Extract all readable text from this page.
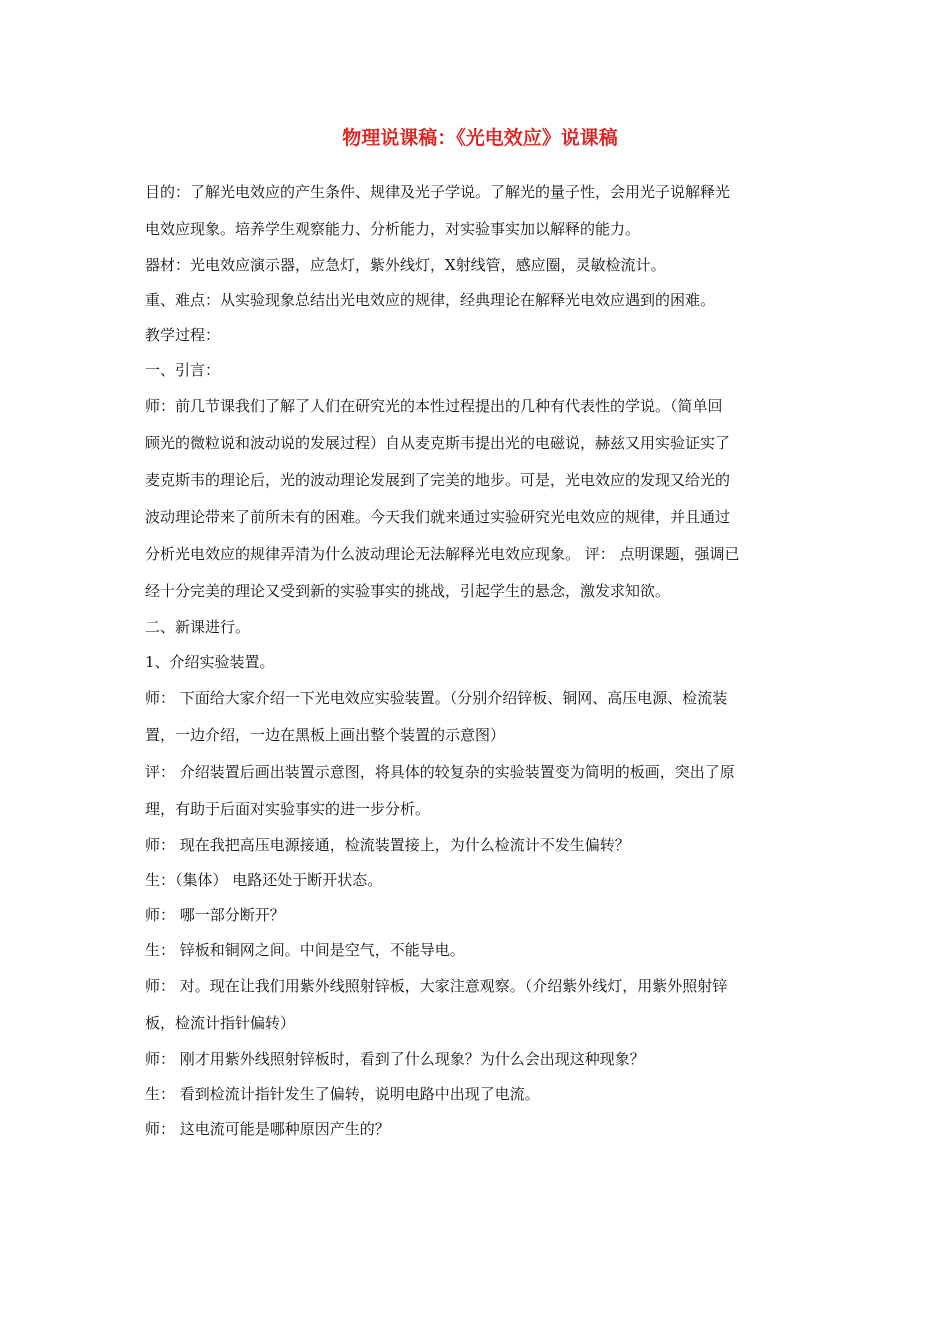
物理说课稿：《光电效应》说课稿
目的：了解光电效应的产生条件、规律及光子学说。了解光的量子性，会用光子说解释光
电效应现象。培养学生观察能力、分析能力，对实验事实加以解释的能力。
器材：光电效应演示器，应急灯，紫外线灯，X射线管，感应圈，灵敏检流计。
重、难点：从实验现象总结出光电效应的规律，经典理论在解释光电效应遇到的困难。
教学过程：
一、引言：
师：前几节课我们了解了人们在研究光的本性过程提出的几种有代表性的学说。（简单回
顾光的微粒说和波动说的发展过程）自从麦克斯韦提出光的电磁说，赫兹又用实验证实了
麦克斯韦的理论后，光的波动理论发展到了完美的地步。可是，光电效应的发现又给光的
波动理论带来了前所未有的困难。今天我们就来通过实验研究光电效应的规律，并且通过
分析光电效应的规律弄清为什么波动理论无法解释光电效应现象。 评： 点明课题，强调已
经十分完美的理论又受到新的实验事实的挑战，引起学生的悬念，激发求知欲。
二、新课进行。
1、介绍实验装置。
师： 下面给大家介绍一下光电效应实验装置。（分别介绍锌板、铜网、高压电源、检流装
置，一边介绍，一边在黑板上画出整个装置的示意图）
评： 介绍装置后画出装置示意图，将具体的较复杂的实验装置变为简明的板画，突出了原
理，有助于后面对实验事实的进一步分析。
师： 现在我把高压电源接通，检流装置接上，为什么检流计不发生偏转？
生：（集体） 电路还处于断开状态。
师： 哪一部分断开？
生： 锌板和铜网之间。中间是空气，不能导电。
师： 对。现在让我们用紫外线照射锌板，大家注意观察。（介绍紫外线灯，用紫外照射锌
板，检流计指针偏转）
师： 刚才用紫外线照射锌板时，看到了什么现象？为什么会出现这种现象？
生： 看到检流计指针发生了偏转，说明电路中出现了电流。
师： 这电流可能是哪种原因产生的？
